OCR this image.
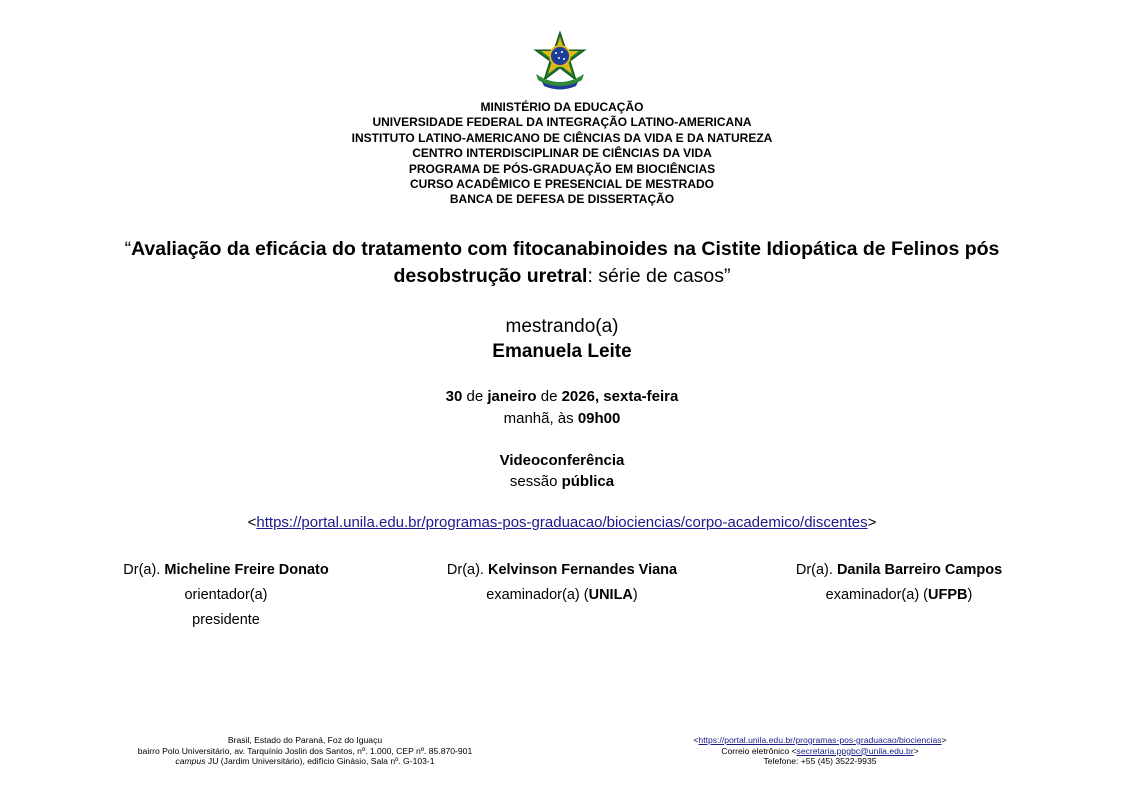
MINISTÉRIO DA EDUCAÇÃO
UNIVERSIDADE FEDERAL DA INTEGRAÇÃO LATINO-AMERICANA
INSTITUTO LATINO-AMERICANO DE CIÊNCIAS DA VIDA E DA NATUREZA
CENTRO INTERDISCIPLINAR DE CIÊNCIAS DA VIDA
PROGRAMA DE PÓS-GRADUAÇÃO EM BIOCIÊNCIAS
CURSO ACADÊMICO E PRESENCIAL DE MESTRADO
BANCA DE DEFESA DE DISSERTAÇÃO
“Avaliação da eficácia do tratamento com fitocanabinoides na Cistite Idiopática de Felinos pós
desobstrução uretral: série de casos”
mestrando(a)
Emanuela Leite
30 de janeiro de 2026, sexta-feira
manhã, às 09h00
Videoconferência
sessão pública
<https://portal.unila.edu.br/programas-pos-graduacao/biociencias/corpo-academico/discentes>
Dr(a). Micheline Freire Donato
orientador(a)
presidente
Dr(a). Kelvinson Fernandes Viana
examinador(a) (UNILA)
Dr(a). Danila Barreiro Campos
examinador(a) (UFPB)
Brasil, Estado do Paraná, Foz do Iguaçu
bairro Polo Universitário, av. Tarquínio Joslin dos Santos, nº. 1.000, CEP nº. 85.870-901
campus JU (Jardim Universitário), edifício Ginásio, Sala nº. G-103-1
<https://portal.unila.edu.br/programas-pos-graduacao/biociencias>
Correio eletrônico <secretaria.ppgbc@unila.edu.br>
Telefone: +55 (45) 3522-9935
